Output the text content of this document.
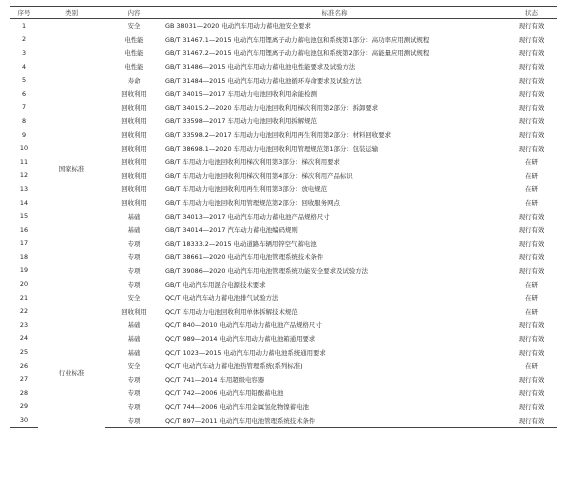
序号	类别	内容	标准名称	状态
1	国家标准	安全	GB 38031—2020 电动汽车用动力蓄电池安全要求	现行有效
2		电性能	GB/T 31467.1—2015 电动汽车用锂离子动力蓄电池包和系统第1部分：高功率应用测试规程	现行有效
3		电性能	GB/T 31467.2—2015 电动汽车用锂离子动力蓄电池包和系统第2部分：高能量应用测试规程	现行有效
4		电性能	GB/T 31486—2015 电动汽车用动力蓄电池电性能要求及试验方法	现行有效
5		寿命	GB/T 31484—2015 电动汽车用动力蓄电池循环寿命要求及试验方法	现行有效
6		回收利用	GB/T 34015—2017 车用动力电池回收利用余能检测	现行有效
7		回收利用	GB/T 34015.2—2020 车用动力电池回收利用梯次利用第2部分：拆卸要求	现行有效
8		回收利用	GB/T 33598—2017 车用动力电池回收利用拆解规范	现行有效
9		回收利用	GB/T 33598.2—2017 车用动力电池回收利用再生利用第2部分：材料回收要求	现行有效
10		回收利用	GB/T 38698.1—2020 车用动力电池回收利用管理规范第1部分：包装运输	现行有效
11		回收利用	GB/T 车用动力电池回收利用梯次利用第3部分：梯次利用要求	在研
12		回收利用	GB/T 车用动力电池回收利用梯次利用第4部分：梯次利用产品标识	在研
13		回收利用	GB/T 车用动力电池回收利用再生利用第3部分：放电规范	在研
14		回收利用	GB/T 车用动力电池回收利用管理规范第2部分：回收服务网点	在研
15		基础	GB/T 34013—2017 电动汽车用动力蓄电池产品规格尺寸	现行有效
16		基础	GB/T 34014—2017 汽车动力蓄电池编码规则	现行有效
17		专项	GB/T 18333.2—2015 电动道路车辆用锌空气蓄电池	现行有效
18		专项	GB/T 38661—2020 电动汽车用电池管理系统技术条件	现行有效
19		专项	GB/T 39086—2020 电动汽车用电池管理系统功能安全要求及试验方法	现行有效
20		专项	GB/T 电动汽车用混合电源技术要求	在研
21		安全	QC/T 电动汽车动力蓄电池排气试验方法	在研
22		回收利用	QC/T 车用动力电池回收利用单体拆解技术规范	在研
23	行业标准	基础	QC/T 840—2010 电动汽车用动力蓄电池产品规格尺寸	现行有效
24		基础	QC/T 989—2014 电动汽车用动力蓄电池箱通用要求	现行有效
25		基础	QC/T 1023—2015 电动汽车用动力蓄电池系统通用要求	现行有效
26		安全	QC/T 电动汽车动力蓄电池热管理系统(系列标准)	在研
27		专项	QC/T 741—2014 车用超级电容器	现行有效
28		专项	QC/T 742—2006 电动汽车用铅酸蓄电池	现行有效
29		专项	QC/T 744—2006 电动汽车用金属氢化物镍蓄电池	现行有效
30		专项	QC/T 897—2011 电动汽车用电池管理系统技术条件	现行有效
